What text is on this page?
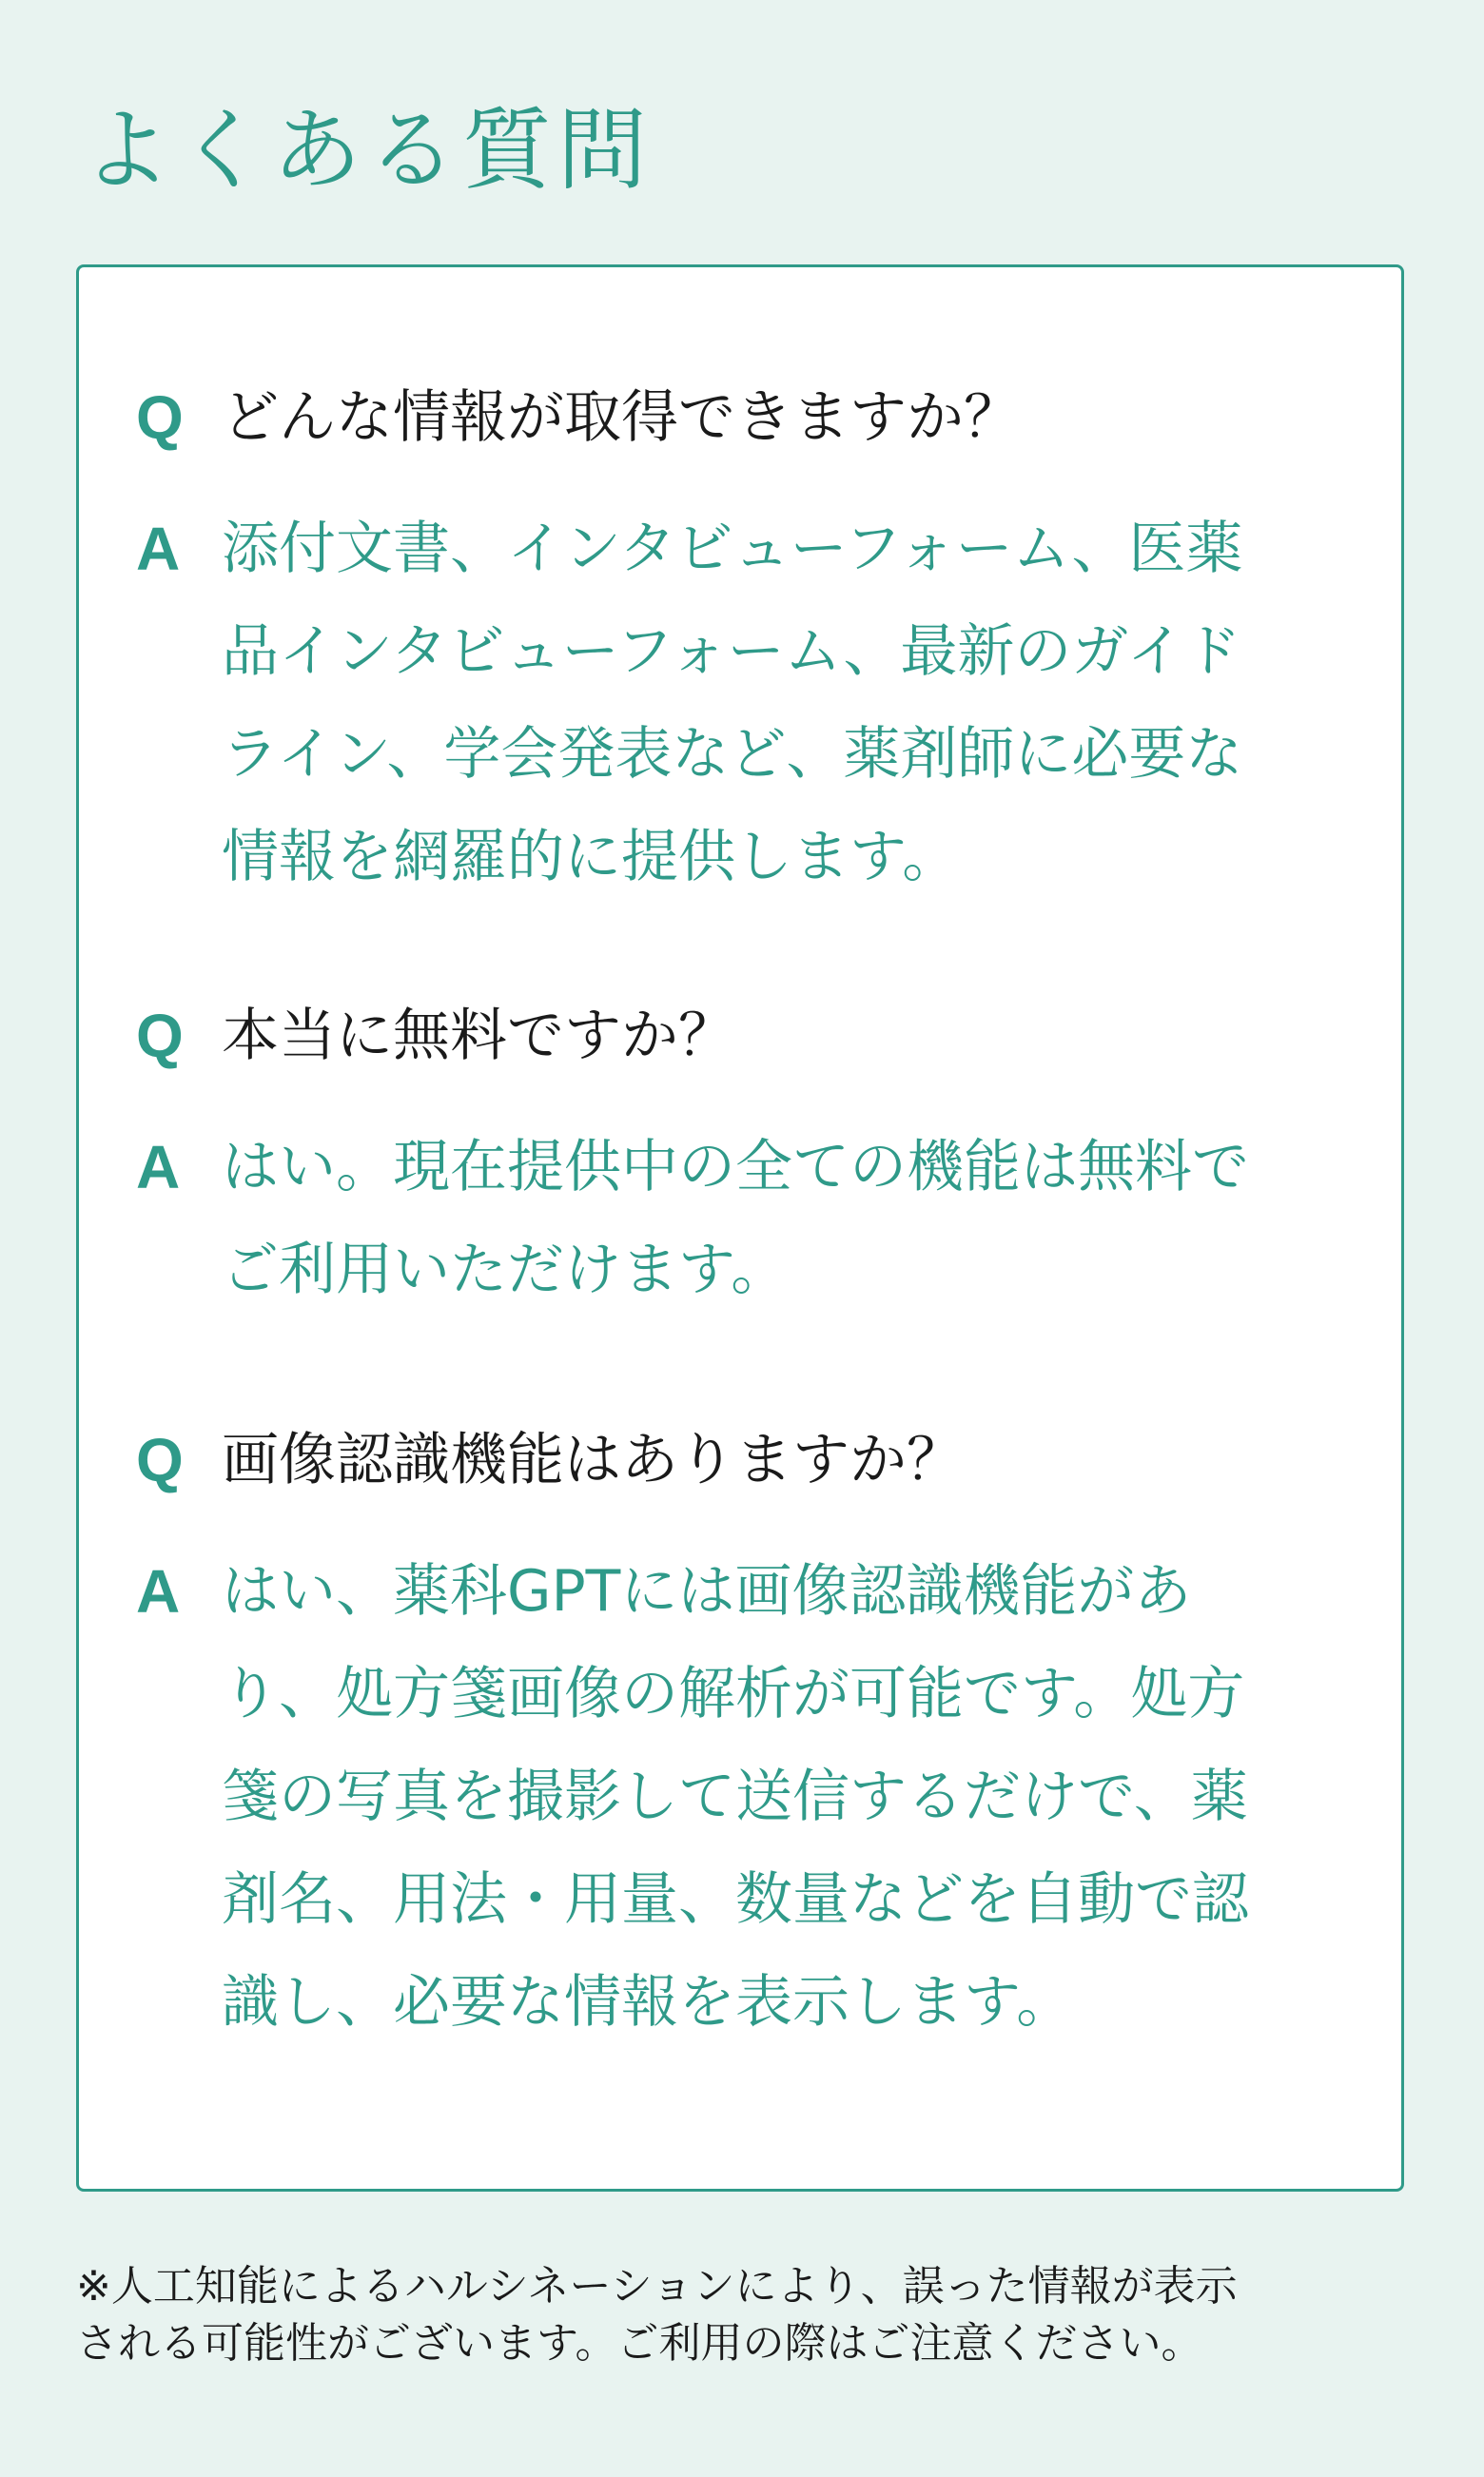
よくある質問
Q どんな情報が取得できますか？

A 添付文書、インタビューフォーム、医薬
品インタビューフォーム、最新のガイド
ライン、学会発表など、薬剤師に必要な
情報を網羅的に提供します。

Q 本当に無料ですか？

A はい。現在提供中の全ての機能は無料で
ご利用いただけます。

Q 画像認識機能はありますか？

A はい、薬科GPTには画像認識機能があ
り、処方箋画像の解析が可能です。処方
箋の写真を撮影して送信するだけで、薬
剤名、用法・用量、数量などを自動で認
識し、必要な情報を表示します。

※人工知能によるハルシネーションにより、誤った情報が表示
される可能性がございます。ご利用の際はご注意ください。
